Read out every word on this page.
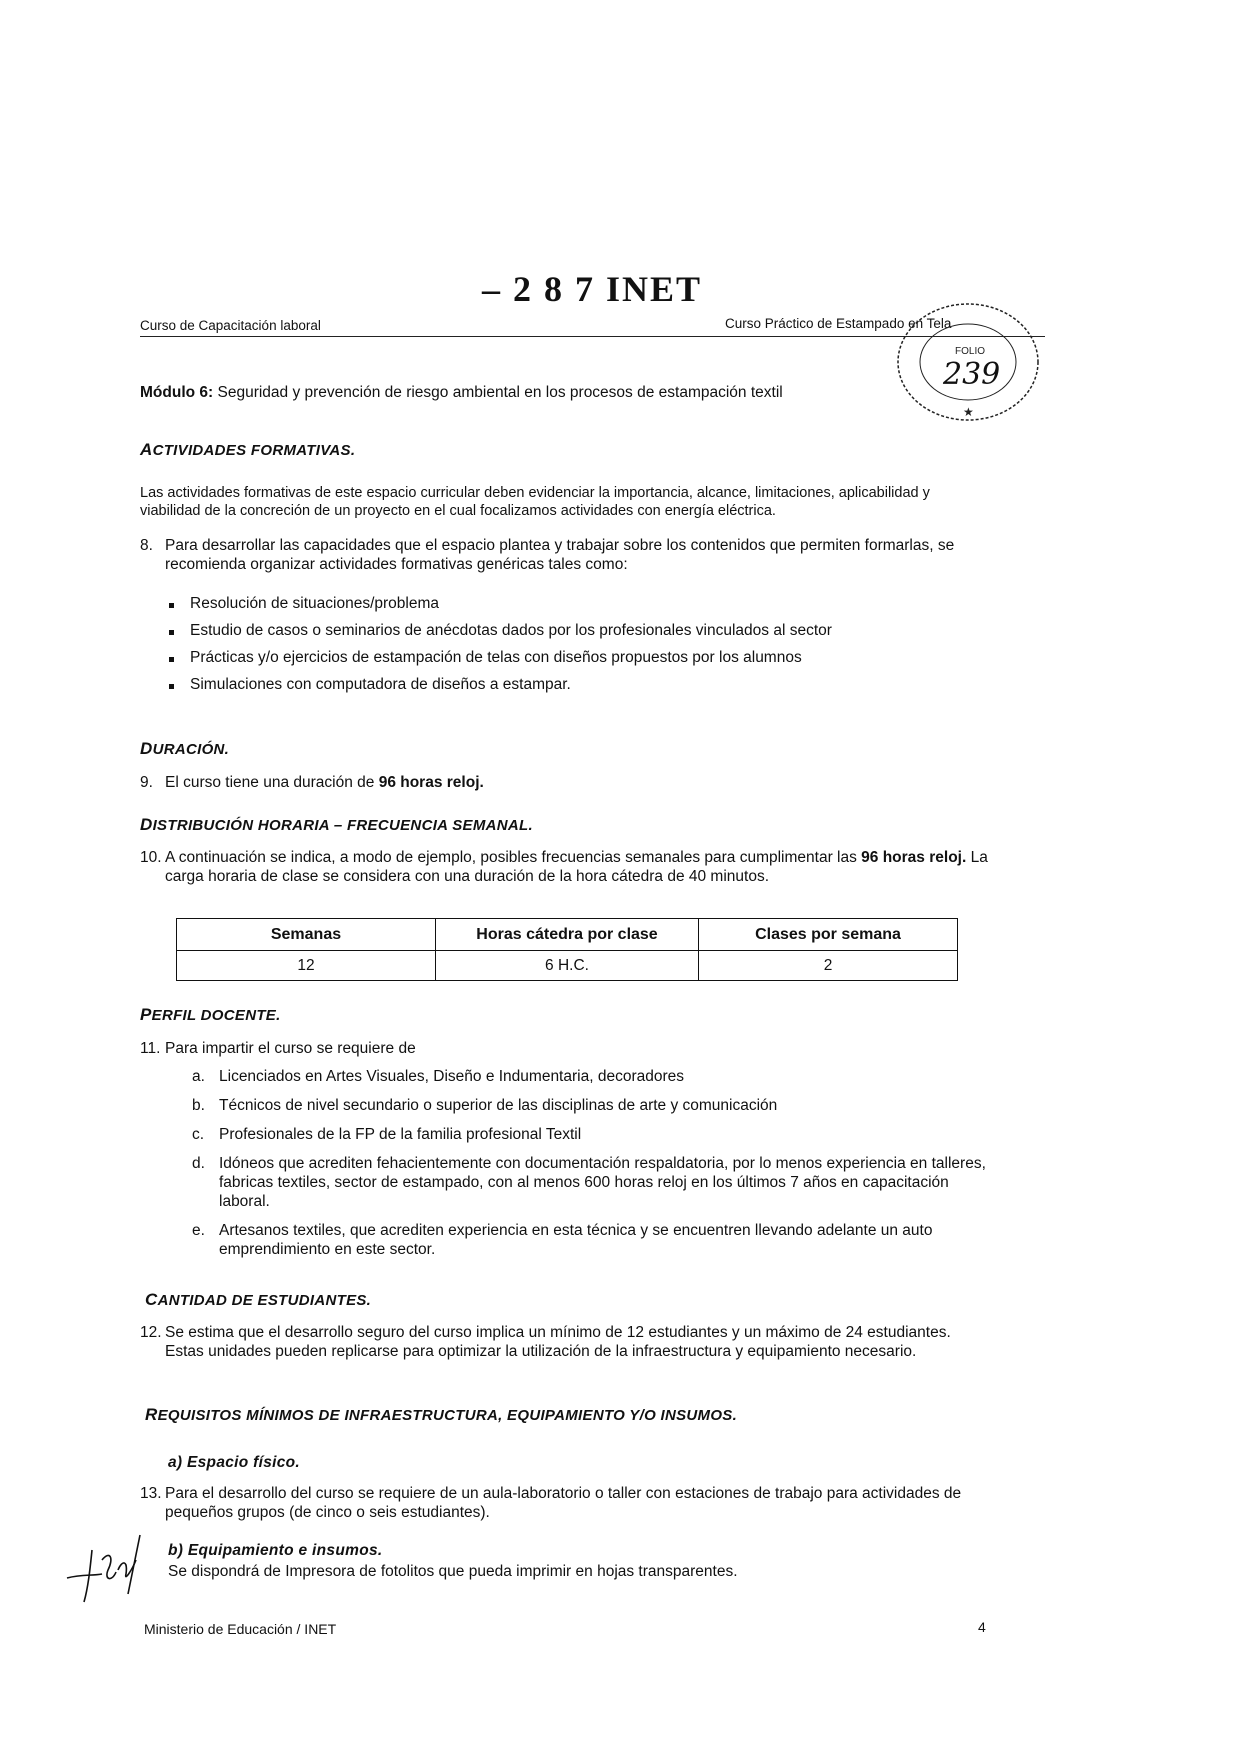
– 2 8 7 INET
Curso de Capacitación laboral	Curso Práctico de Estampado en Tela
FOLIO
239
★
Módulo 6: Seguridad y prevención de riesgo ambiental en los procesos de estampación textil
ACTIVIDADES FORMATIVAS.
Las actividades formativas de este espacio curricular deben evidenciar la importancia, alcance, limitaciones, aplicabilidad y viabilidad de la concreción de un proyecto en el cual focalizamos actividades con energía eléctrica.
8. Para desarrollar las capacidades que el espacio plantea y trabajar sobre los contenidos que permiten formarlas, se recomienda organizar actividades formativas genéricas tales como:
Resolución de situaciones/problema
Estudio de casos o seminarios de anécdotas dados por los profesionales vinculados al sector
Prácticas y/o ejercicios de estampación de telas con diseños propuestos por los alumnos
Simulaciones con computadora de diseños a estampar.
DURACIÓN.
9. El curso tiene una duración de 96 horas reloj.
DISTRIBUCIÓN HORARIA – FRECUENCIA SEMANAL.
10. A continuación se indica, a modo de ejemplo, posibles frecuencias semanales para cumplimentar las 96 horas reloj. La carga horaria de clase se considera con una duración de la hora cátedra de 40 minutos.
Semanas	Horas cátedra por clase	Clases por semana
12	6 H.C.	2
PERFIL DOCENTE.
11. Para impartir el curso se requiere de
a. Licenciados en Artes Visuales, Diseño e Indumentaria, decoradores
b. Técnicos de nivel secundario o superior de las disciplinas de arte y comunicación
c. Profesionales de la FP de la familia profesional Textil
d. Idóneos que acrediten fehacientemente con documentación respaldatoria, por lo menos experiencia en talleres, fabricas textiles, sector de estampado, con al menos 600 horas reloj en los últimos 7 años en capacitación laboral.
e. Artesanos textiles, que acrediten experiencia en esta técnica y se encuentren llevando adelante un auto emprendimiento en este sector.
CANTIDAD DE ESTUDIANTES.
12. Se estima que el desarrollo seguro del curso implica un mínimo de 12 estudiantes y un máximo de 24 estudiantes. Estas unidades pueden replicarse para optimizar la utilización de la infraestructura y equipamiento necesario.
REQUISITOS MÍNIMOS DE INFRAESTRUCTURA, EQUIPAMIENTO Y/O INSUMOS.
a) Espacio físico.
13. Para el desarrollo del curso se requiere de un aula-laboratorio o taller con estaciones de trabajo para actividades de pequeños grupos (de cinco o seis estudiantes).
b) Equipamiento e insumos.
Se dispondrá de Impresora de fotolitos que pueda imprimir en hojas transparentes.
Ministerio de Educación / INET	4
